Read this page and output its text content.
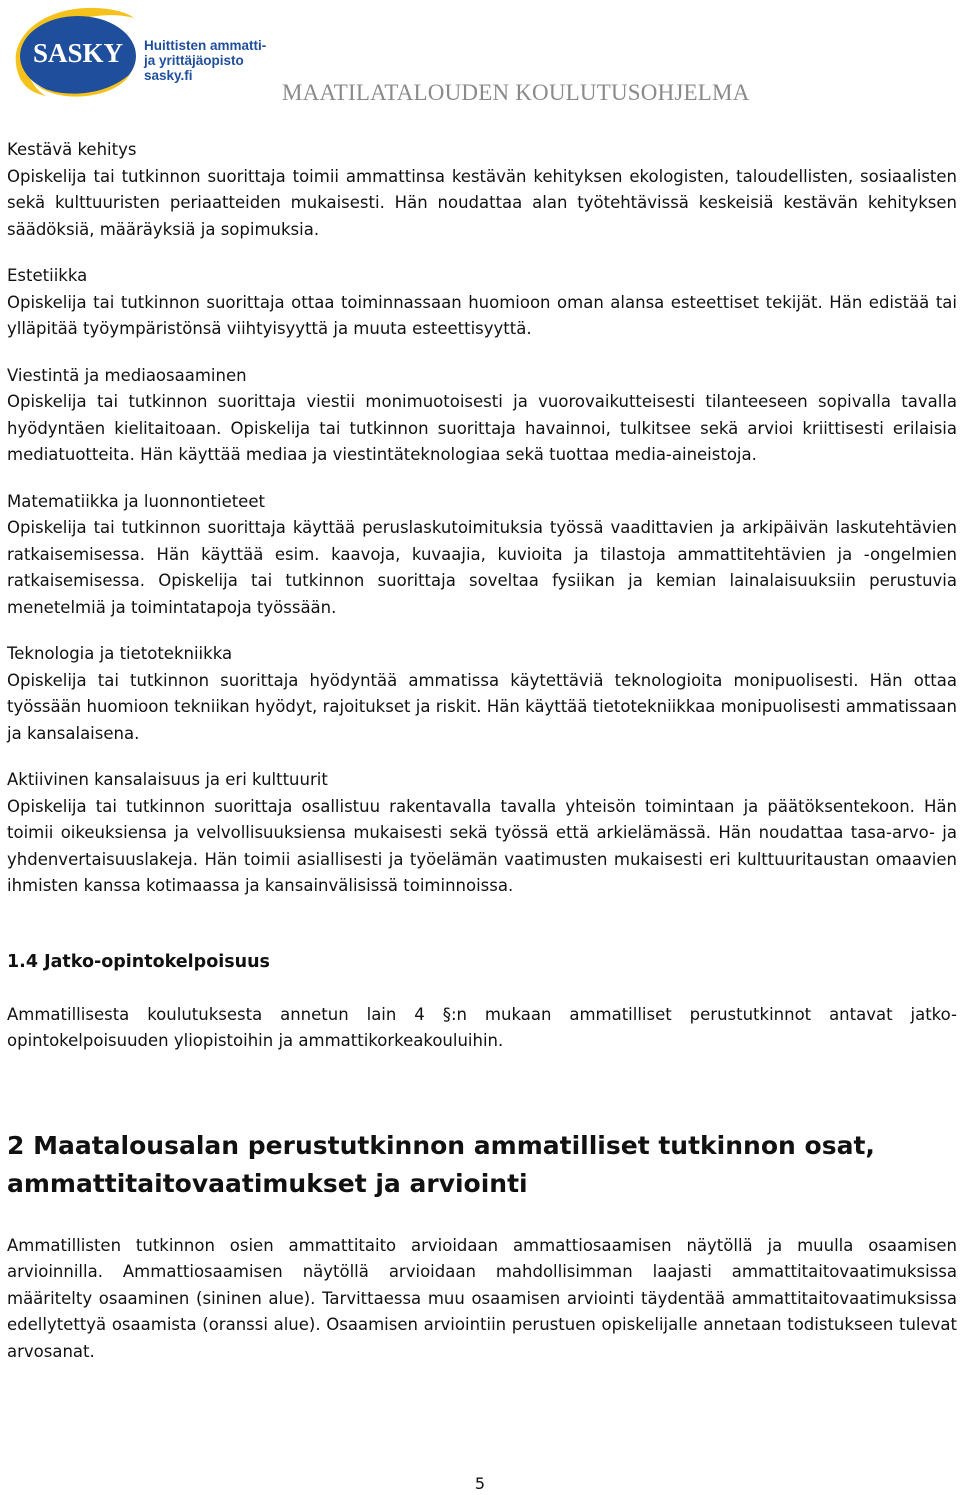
SASKY Huittisten ammatti-
ja yrittäjäopisto
sasky.fi
MAATILATALOUDEN KOULUTUSOHJELMA

Kestävä kehitys

Opiskelija tai tutkinnon suorittaja toimii ammattinsa kestävän kehityksen ekologisten, taloudellisten, sosiaalisten sekä kulttuuristen periaatteiden mukaisesti. Hän noudattaa alan työtehtävissä keskeisiä kestävän kehityksen säädöksiä, määräyksiä ja sopimuksia.

Estetiikka

Opiskelija tai tutkinnon suorittaja ottaa toiminnassaan huomioon oman alansa esteettiset tekijät. Hän edistää tai ylläpitää työympäristönsä viihtyisyyttä ja muuta esteettisyyttä.

Viestintä ja mediaosaaminen

Opiskelija tai tutkinnon suorittaja viestii monimuotoisesti ja vuorovaikutteisesti tilanteeseen sopivalla tavalla hyödyntäen kielitaitoaan. Opiskelija tai tutkinnon suorittaja havainnoi, tulkitsee sekä arvioi kriittisesti erilaisia mediatuotteita. Hän käyttää mediaa ja viestintäteknologiaa sekä tuottaa media-aineistoja.

Matematiikka ja luonnontieteet

Opiskelija tai tutkinnon suorittaja käyttää peruslaskutoimituksia työssä vaadittavien ja arkipäivän laskutehtävien ratkaisemisessa. Hän käyttää esim. kaavoja, kuvaajia, kuvioita ja tilastoja ammattitehtävien ja -ongelmien ratkaisemisessa. Opiskelija tai tutkinnon suorittaja soveltaa fysiikan ja kemian lainalaisuuksiin perustuvia menetelmiä ja toimintatapoja työssään.

Teknologia ja tietotekniikka

Opiskelija tai tutkinnon suorittaja hyödyntää ammatissa käytettäviä teknologioita monipuolisesti. Hän ottaa työssään huomioon tekniikan hyödyt, rajoitukset ja riskit. Hän käyttää tietotekniikkaa monipuolisesti ammatissaan ja kansalaisena.

Aktiivinen kansalaisuus ja eri kulttuurit

Opiskelija tai tutkinnon suorittaja osallistuu rakentavalla tavalla yhteisön toimintaan ja päätöksentekoon. Hän toimii oikeuksiensa ja velvollisuuksiensa mukaisesti sekä työssä että arkielämässä. Hän noudattaa tasa-arvo- ja yhdenvertaisuuslakeja. Hän toimii asiallisesti ja työelämän vaatimusten mukaisesti eri kulttuuritaustan omaavien ihmisten kanssa kotimaassa ja kansainvälisissä toiminnoissa.

1.4 Jatko-opintokelpoisuus

Ammatillisesta koulutuksesta annetun lain 4 §:n mukaan ammatilliset perustutkinnot antavat jatko-opintokelpoisuuden yliopistoihin ja ammattikorkeakouluihin.

2 Maatalousalan perustutkinnon ammatilliset tutkinnon osat, ammattitaitovaatimukset ja arviointi

Ammatillisten tutkinnon osien ammattitaito arvioidaan ammattiosaamisen näytöllä ja muulla osaamisen arvioinnilla. Ammattiosaamisen näytöllä arvioidaan mahdollisimman laajasti ammattitaitovaatimuksissa määritelty osaaminen (sininen alue). Tarvittaessa muu osaamisen arviointi täydentää ammattitaitovaatimuksissa edellytettyä osaamista (oranssi alue). Osaamisen arviointiin perustuen opiskelijalle annetaan todistukseen tulevat arvosanat.

5
